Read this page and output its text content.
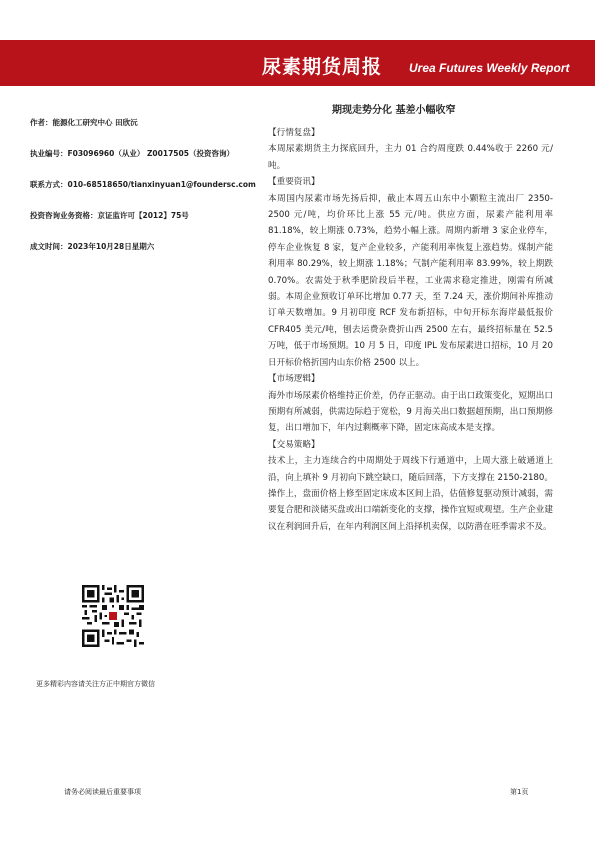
尿素期货周报 Urea Futures Weekly Report
作者：能源化工研究中心 田欣沅
执业编号：F03096960（从业） Z0017505（投资咨询）
联系方式：010-68518650/tianxinyuan1@foundersc.com
投资咨询业务资格：京证监许可【2012】75号
成文时间：2023年10月28日星期六
期现走势分化 基差小幅收窄

【行情复盘】

本周尿素期货主力探底回升，主力 01 合约周度跌 0.44%收于 2260 元/吨。

【重要资讯】

本周国内尿素市场先扬后抑，截止本周五山东中小颗粒主流出厂 2350-2500 元/吨，均价环比上涨 55 元/吨。供应方面，尿素产能利用率 81.18%，较上期涨 0.73%，趋势小幅上涨。周期内新增 3 家企业停车，停车企业恢复 8 家，复产企业较多，产能利用率恢复上涨趋势。煤制产能利用率 80.29%，较上期涨 1.18%；气制产能利用率 83.99%，较上期跌 0.70%。农需处于秋季肥阶段后半程，工业需求稳定推进，刚需有所减弱。本周企业预收订单环比增加 0.77 天，至 7.24 天，涨价期间补库推动订单天数增加。9 月初印度 RCF 发布新招标，中旬开标东海岸最低报价 CFR405 美元/吨，刨去运费杂费折山西 2500 左右，最终招标量在 52.5 万吨，低于市场预期。10 月 5 日，印度 IPL 发布尿素进口招标，10 月 20 日开标价格折国内山东价格 2500 以上。

【市场逻辑】

海外市场尿素价格维持正价差，仍存正驱动。由于出口政策变化，短期出口预期有所减弱，供需边际趋于宽松，9 月海关出口数据超预期，出口预期修复，出口增加下，年内过剩概率下降，固定床高成本是支撑。

【交易策略】

技术上，主力连续合约中周期处于周线下行通道中，上周大涨上破通道上沿，向上填补 9 月初向下跳空缺口，随后回落，下方支撑在 2150-2180。操作上，盘面价格上修至固定床成本区间上沿，估值修复驱动预计减弱，需要复合肥和淡储买盘或出口端新变化的支撑，操作宜短或观望。生产企业建议在利润回升后，在年内利润区间上沿择机卖保，以防潜在旺季需求不及。

更多精彩内容请关注方正中期官方微信
请务必阅读最后重要事项	第1页
